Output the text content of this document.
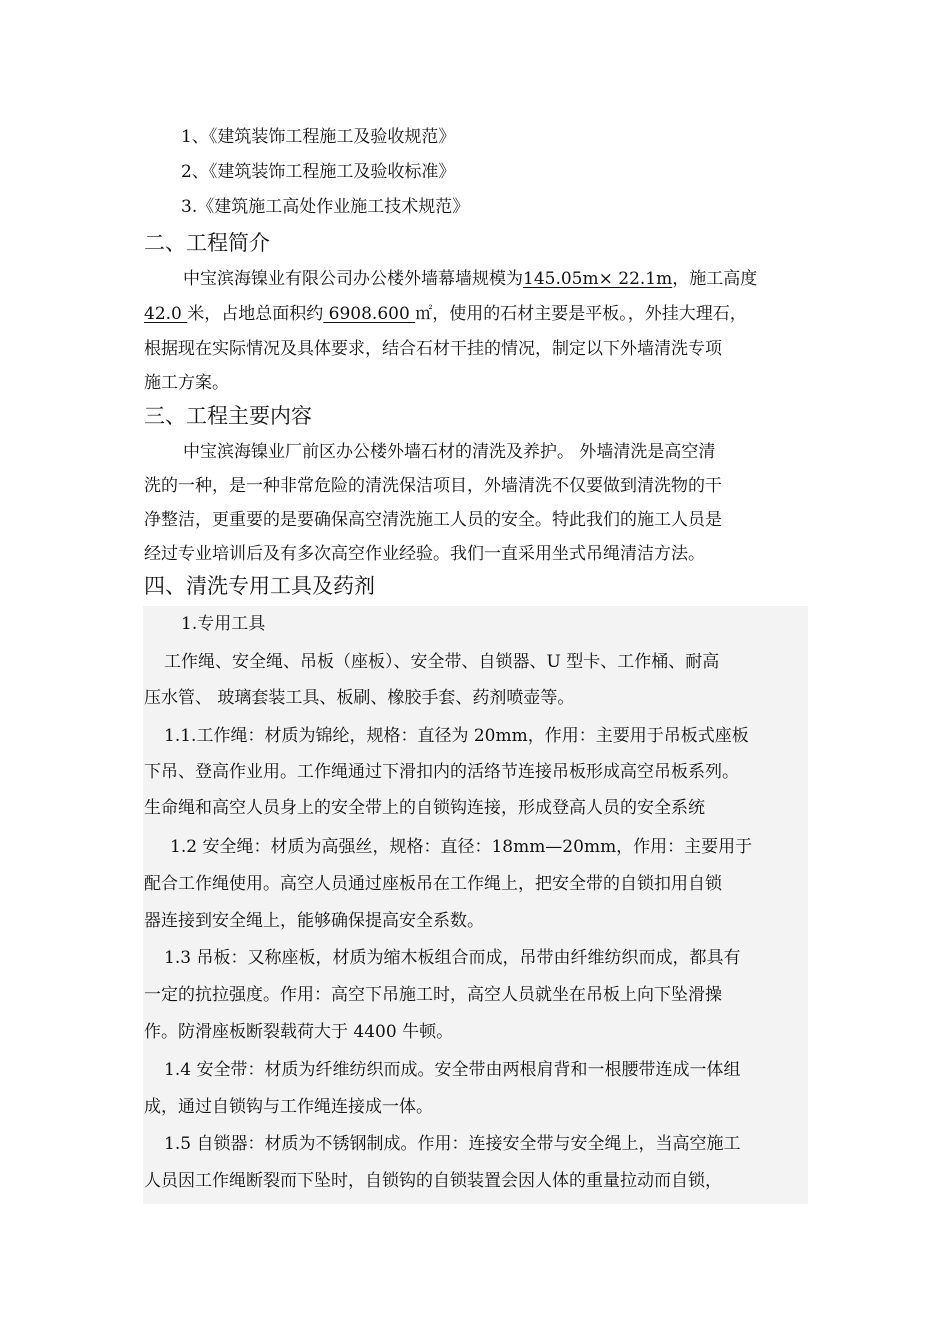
1、《建筑装饰工程施工及验收规范》
2、《建筑装饰工程施工及验收标准》
3.《建筑施工高处作业施工技术规范》
二、工程简介
中宝滨海镍业有限公司办公楼外墙幕墙规模为145.05m× 22.1m，施工高度
42.0 米，占地总面积约 6908.600 ㎡，使用的石材主要是平板。，外挂大理石，
根据现在实际情况及具体要求，结合石材干挂的情况，制定以下外墙清洗专项
施工方案。
三、工程主要内容
中宝滨海镍业厂前区办公楼外墙石材的清洗及养护。 外墙清洗是高空清
洗的一种，是一种非常危险的清洗保洁项目，外墙清洗不仅要做到清洗物的干
净整洁，更重要的是要确保高空清洗施工人员的安全。特此我们的施工人员是
经过专业培训后及有多次高空作业经验。我们一直采用坐式吊绳清洁方法。
四、清洗专用工具及药剂
1.专用工具
工作绳、安全绳、吊板（座板）、安全带、自锁器、U 型卡、工作桶、耐高
压水管、 玻璃套装工具、板刷、橡胶手套、药剂喷壶等。
1.1.工作绳：材质为锦纶，规格：直径为 20mm，作用：主要用于吊板式座板
下吊、登高作业用。工作绳通过下滑扣内的活络节连接吊板形成高空吊板系列。
生命绳和高空人员身上的安全带上的自锁钩连接，形成登高人员的安全系统
1.2 安全绳：材质为高强丝，规格：直径：18mm—20mm，作用：主要用于
配合工作绳使用。高空人员通过座板吊在工作绳上，把安全带的自锁扣用自锁
器连接到安全绳上，能够确保提高安全系数。
1.3 吊板：又称座板，材质为缩木板组合而成，吊带由纤维纺织而成，都具有
一定的抗拉强度。作用：高空下吊施工时，高空人员就坐在吊板上向下坠滑操
作。防滑座板断裂载荷大于 4400 牛顿。
1.4 安全带：材质为纤维纺织而成。安全带由两根肩背和一根腰带连成一体组
成，通过自锁钩与工作绳连接成一体。
1.5 自锁器：材质为不锈钢制成。作用：连接安全带与安全绳上，当高空施工
人员因工作绳断裂而下坠时，自锁钩的自锁装置会因人体的重量拉动而自锁，
